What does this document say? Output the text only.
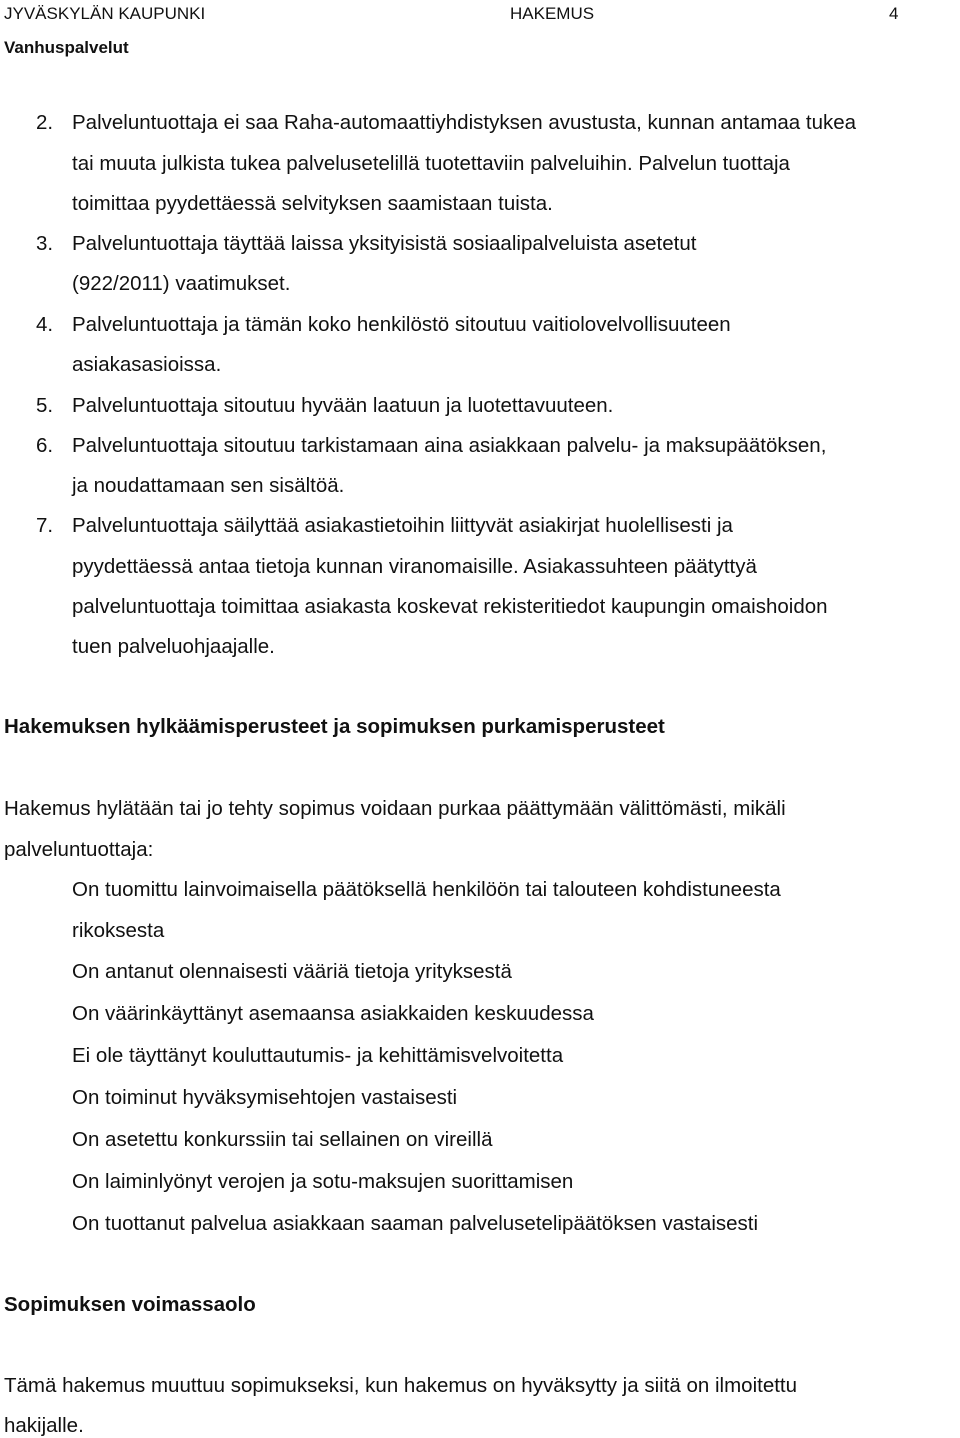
JYVÄSKYLÄN KAUPUNKI	HAKEMUS	4
Vanhuspalvelut
2. Palveluntuottaja ei saa Raha-automaattiyhdistyksen avustusta, kunnan antamaa tukea
tai muuta julkista tukea palvelusetelillä tuotettaviin palveluihin. Palvelun tuottaja
toimittaa pyydettäessä selvityksen saamistaan tuista.
3. Palveluntuottaja täyttää laissa yksityisistä sosiaalipalveluista asetetut
(922/2011) vaatimukset.
4. Palveluntuottaja ja tämän koko henkilöstö sitoutuu vaitiolovelvollisuuteen
asiakasasioissa.
5. Palveluntuottaja sitoutuu hyvään laatuun ja luotettavuuteen.
6. Palveluntuottaja sitoutuu tarkistamaan aina asiakkaan palvelu- ja maksupäätöksen,
ja noudattamaan sen sisältöä.
7. Palveluntuottaja säilyttää asiakastietoihin liittyvät asiakirjat huolellisesti ja
pyydettäessä antaa tietoja kunnan viranomaisille. Asiakassuhteen päätyttyä
palveluntuottaja toimittaa asiakasta koskevat rekisteritiedot kaupungin omaishoidon
tuen palveluohjaajalle.
Hakemuksen hylkäämisperusteet ja sopimuksen purkamisperusteet
Hakemus hylätään tai jo tehty sopimus voidaan purkaa päättymään välittömästi, mikäli
palveluntuottaja:
On tuomittu lainvoimaisella päätöksellä henkilöön tai talouteen kohdistuneesta
rikoksesta
On antanut olennaisesti vääriä tietoja yrityksestä
On väärinkäyttänyt asemaansa asiakkaiden keskuudessa
Ei ole täyttänyt kouluttautumis- ja kehittämisvelvoitetta
On toiminut hyväksymisehtojen vastaisesti
On asetettu konkurssiin tai sellainen on vireillä
On laiminlyönyt verojen ja sotu-maksujen suorittamisen
On tuottanut palvelua asiakkaan saaman palvelusetelipäätöksen vastaisesti
Sopimuksen voimassaolo
Tämä hakemus muuttuu sopimukseksi, kun hakemus on hyväksytty ja siitä on ilmoitettu
hakijalle.
